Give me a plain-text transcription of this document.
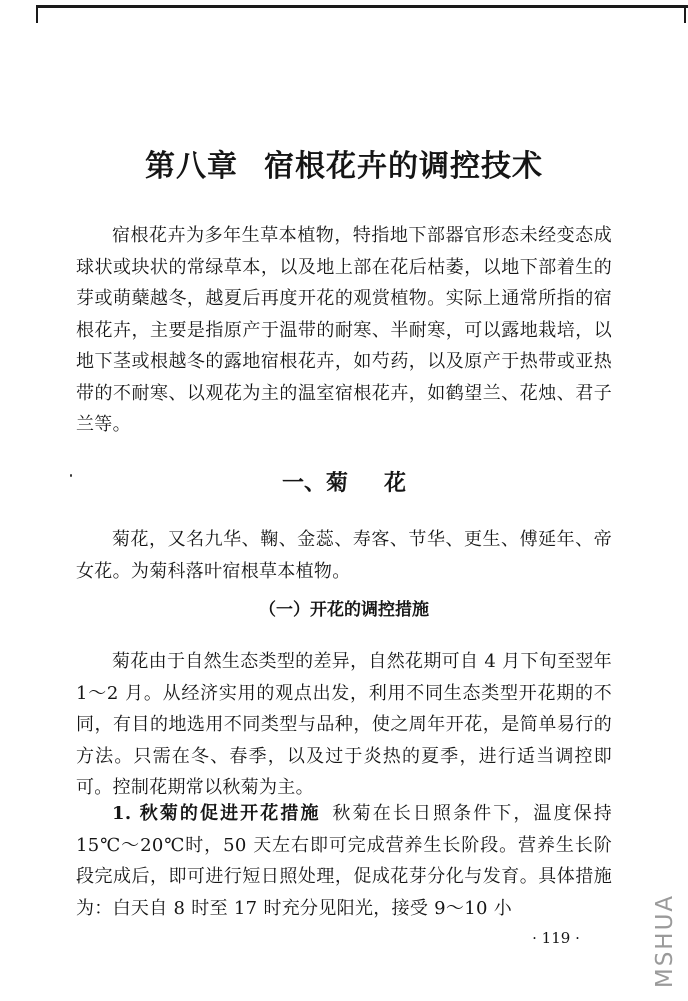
第八章 宿根花卉的调控技术

宿根花卉为多年生草本植物，特指地下部器官形态未经变态成球状或块状的常绿草本，以及地上部在花后枯萎，以地下部着生的芽或萌蘖越冬，越夏后再度开花的观赏植物。实际上通常所指的宿根花卉，主要是指原产于温带的耐寒、半耐寒，可以露地栽培，以地下茎或根越冬的露地宿根花卉，如芍药，以及原产于热带或亚热带的不耐寒、以观花为主的温室宿根花卉，如鹤望兰、花烛、君子兰等。

一、菊 花

菊花，又名九华、鞠、金蕊、寿客、节华、更生、傅延年、帝女花。为菊科落叶宿根草本植物。

（一）开花的调控措施

菊花由于自然生态类型的差异，自然花期可自 4 月下旬至翌年 1～2 月。从经济实用的观点出发，利用不同生态类型开花期的不同，有目的地选用不同类型与品种，使之周年开花，是简单易行的方法。只需在冬、春季，以及过于炎热的夏季，进行适当调控即可。控制花期常以秋菊为主。

1. 秋菊的促进开花措施 秋菊在长日照条件下，温度保持 15℃～20℃时，50 天左右即可完成营养生长阶段。营养生长阶段完成后，即可进行短日照处理，促成花芽分化与发育。具体措施为：白天自 8 时至 17 时充分见阳光，接受 9～10 小

· 119 ·	MSHUA
